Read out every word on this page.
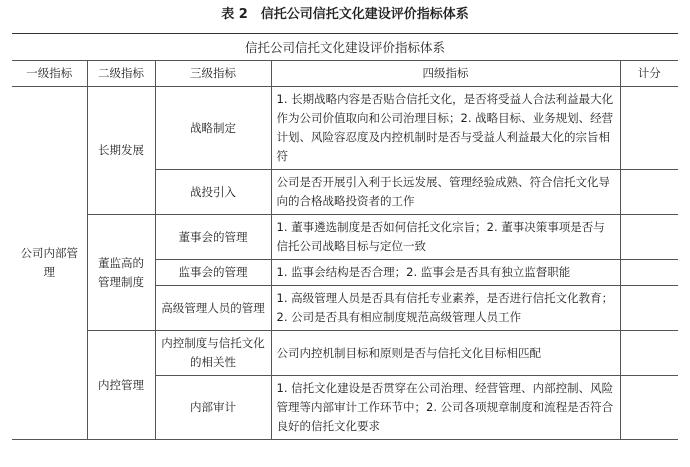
表 2　信托公司信托文化建设评价指标体系
信托公司信托文化建设评价指标体系
一级指标	二级指标	三级指标	四级指标	计分
公司内部管理	长期发展	战略制定	1. 长期战略内容是否贴合信托文化，是否将受益人合法利益最大化作为公司价值取向和公司治理目标；2. 战略目标、业务规划、经营计划、风险容忍度及内控机制时是否与受益人利益最大化的宗旨相符	
		战投引入	公司是否开展引入利于长远发展、管理经验成熟、符合信托文化导向的合格战略投资者的工作	
	董监高的管理制度	董事会的管理	1. 董事遴选制度是否如何信托文化宗旨；2. 董事决策事项是否与信托公司战略目标与定位一致	
		监事会的管理	1. 监事会结构是否合理；2. 监事会是否具有独立监督职能	
		高级管理人员的管理	1. 高级管理人员是否具有信托专业素养，是否进行信托文化教育；2. 公司是否具有相应制度规范高级管理人员工作	
	内控管理	内控制度与信托文化的相关性	公司内控机制目标和原则是否与信托文化目标相匹配	
		内部审计	1. 信托文化建设是否贯穿在公司治理、经营管理、内部控制、风险管理等内部审计工作环节中；2. 公司各项规章制度和流程是否符合良好的信托文化要求	
